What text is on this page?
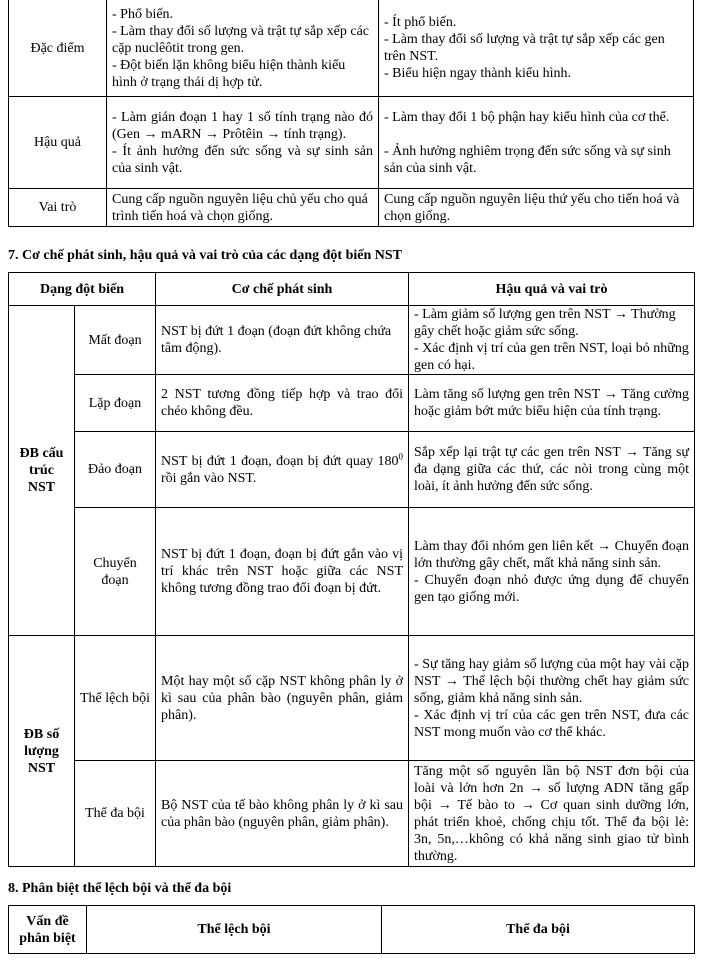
Đặc điểm	- Phổ biến.
- Làm thay đổi số lượng và trật tự sắp xếp các cặp nuclêôtit trong gen.
- Đột biến lặn không biểu hiện thành kiểu hình ở trạng thái dị hợp tử.	- Ít phổ biến.
- Làm thay đổi số lượng và trật tự sắp xếp các gen trên NST.
- Biểu hiện ngay thành kiểu hình.

Hậu quả	- Làm gián đoạn 1 hay 1 số tính trạng nào đó (Gen → mARN → Prôtêin → tính trạng).
- Ít ảnh hưởng đến sức sống và sự sinh sản của sinh vật.	- Làm thay đổi 1 bộ phận hay kiểu hình của cơ thể.
- Ảnh hưởng nghiêm trọng đến sức sống và sự sinh sản của sinh vật.

Vai trò	Cung cấp nguồn nguyên liệu chủ yếu cho quá trình tiến hoá và chọn giống.	Cung cấp nguồn nguyên liệu thứ yếu cho tiến hoá và chọn giống.
7. Cơ chế phát sinh, hậu quả và vai trò của các dạng đột biến NST
Dạng đột biến		Cơ chế phát sinh	Hậu quả và vai trò
ĐB cấu trúc NST	Mất đoạn	NST bị đứt 1 đoạn (đoạn đứt không chứa tâm động).	- Làm giảm số lượng gen trên NST → Thường gây chết hoặc giảm sức sống.
- Xác định vị trí của gen trên NST, loại bỏ những gen có hại.

	Lặp đoạn	2 NST tương đồng tiếp hợp và trao đổi chéo không đều.	Làm tăng số lượng gen trên NST → Tăng cường hoặc giảm bớt mức biểu hiện của tính trạng.
	Đảo đoạn	NST bị đứt 1 đoạn, đoạn bị đứt quay $180^0$ rồi gắn vào NST.	Sắp xếp lại trật tự các gen trên NST → Tăng sự đa dạng giữa các thứ, các nòi trong cùng một loài, ít ảnh hưởng đến sức sống.
	Chuyển đoạn	NST bị đứt 1 đoạn, đoạn bị đứt gắn vào vị trí khác trên NST hoặc giữa các NST không tương đồng trao đổi đoạn bị đứt.	Làm thay đổi nhóm gen liên kết → Chuyển đoạn lớn thường gây chết, mất khả năng sinh sản.
- Chuyển đoạn nhỏ được ứng dụng để chuyển gen tạo giống mới.

ĐB số lượng NST	Thể lệch bội	Một hay một số cặp NST không phân ly ở kì sau của phân bào (nguyên phân, giảm phân).	- Sự tăng hay giảm số lượng của một hay vài cặp NST → Thể lệch bội thường chết hay giảm sức sống, giảm khả năng sinh sản.
- Xác định vị trí của các gen trên NST, đưa các NST mong muốn vào cơ thể khác.

	Thể đa bội	Bộ NST của tế bào không phân ly ở kì sau của phân bào (nguyên phân, giảm phân).	Tăng một số nguyên lần bộ NST đơn bội của loài và lớn hơn 2n → số lượng ADN tăng gấp bội → Tế bào to → Cơ quan sinh dưỡng lớn, phát triển khoẻ, chống chịu tốt. Thể đa bội lẻ: 3n, 5n,…không có khả năng sinh giao tử bình thường.
8. Phân biệt thể lệch bội và thể đa bội
Vấn đề phân biệt	Thể lệch bội	Thể đa bội
